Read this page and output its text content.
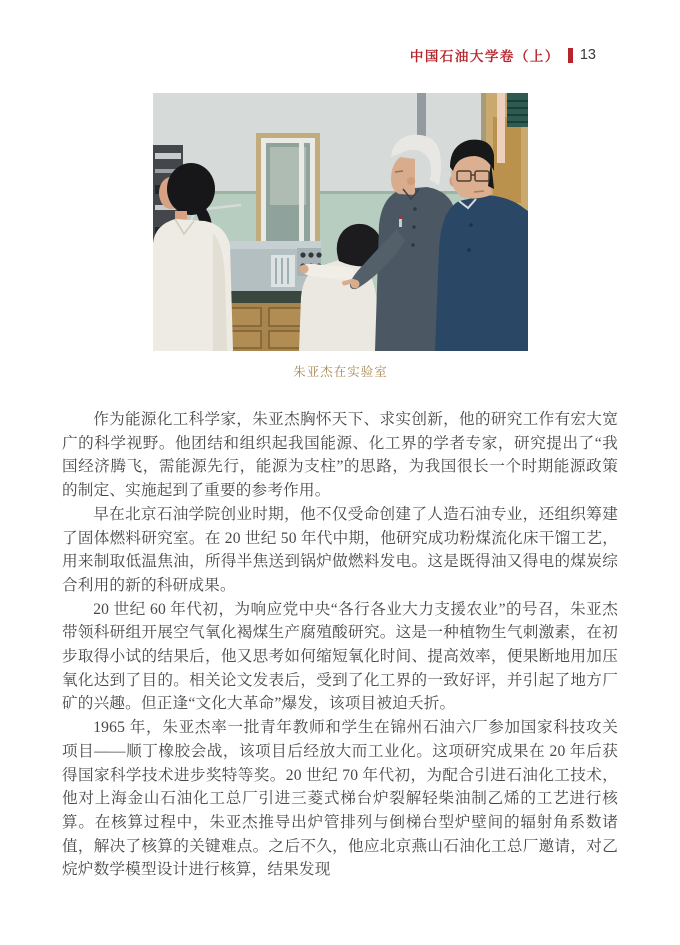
中国石油大学卷（上） 13
朱亚杰在实验室

作为能源化工科学家，朱亚杰胸怀天下、求实创新，他的研究工作有宏大宽广的科学视野。他团结和组织起我国能源、化工界的学者专家，研究提出了“我国经济腾飞，需能源先行，能源为支柱”的思路，为我国很长一个时期能源政策的制定、实施起到了重要的参考作用。

早在北京石油学院创业时期，他不仅受命创建了人造石油专业，还组织筹建了固体燃料研究室。在 20 世纪 50 年代中期，他研究成功粉煤流化床干馏工艺，用来制取低温焦油，所得半焦送到锅炉做燃料发电。这是既得油又得电的煤炭综合利用的新的科研成果。

20 世纪 60 年代初，为响应党中央“各行各业大力支援农业”的号召，朱亚杰带领科研组开展空气氧化褐煤生产腐殖酸研究。这是一种植物生气刺激素，在初步取得小试的结果后，他又思考如何缩短氧化时间、提高效率，便果断地用加压氧化达到了目的。相关论文发表后，受到了化工界的一致好评，并引起了地方厂矿的兴趣。但正逢“文化大革命”爆发，该项目被迫夭折。

1965 年，朱亚杰率一批青年教师和学生在锦州石油六厂参加国家科技攻关项目——顺丁橡胶会战，该项目后经放大而工业化。这项研究成果在 20 年后获得国家科学技术进步奖特等奖。20 世纪 70 年代初，为配合引进石油化工技术，他对上海金山石油化工总厂引进三菱式梯台炉裂解轻柴油制乙烯的工艺进行核算。在核算过程中，朱亚杰推导出炉管排列与倒梯台型炉壁间的辐射角系数诸值，解决了核算的关键难点。之后不久，他应北京燕山石油化工总厂邀请，对乙烷炉数学模型设计进行核算，结果发现
